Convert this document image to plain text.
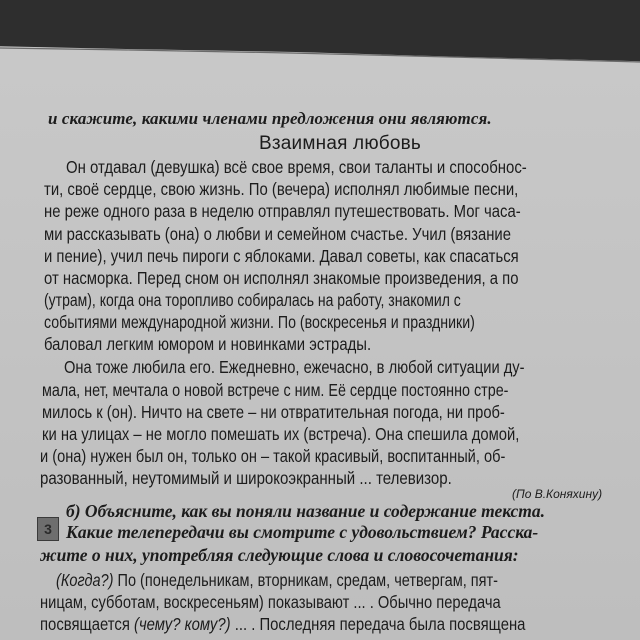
и скажите, какими членами предложения они являются.
Взаимная любовь
Он отдавал (девушка) всё свое время, свои таланты и способнос-
ти, своё сердце, свою жизнь. По (вечера) исполнял любимые песни,
не реже одного раза в неделю отправлял путешествовать. Мог часа-
ми рассказывать (она) о любви и семейном счастье. Учил (вязание
и пение), учил печь пироги с яблоками. Давал советы, как спасаться
от насморка. Перед сном он исполнял знакомые произведения, а по
(утрам), когда она торопливо собиралась на работу, знакомил с
событиями международной жизни. По (воскресенья и праздники)
баловал легким юмором и новинками эстрады.
Она тоже любила его. Ежедневно, ежечасно, в любой ситуации ду-
мала, нет, мечтала о новой встрече с ним. Её сердце постоянно стре-
милось к (он). Ничто на свете – ни отвратительная погода, ни проб-
ки на улицах – не могло помешать их (встреча). Она спешила домой,
и (она) нужен был он, только он – такой красивый, воспитанный, об-
разованный, неутомимый и широкоэкранный ... телевизор.
(По В.Коняхину)
б) Объясните, как вы поняли название и содержание текста.
3 Какие телепередачи вы смотрите с удовольствием? Расска-
жите о них, употребляя следующие слова и словосочетания:
(Когда?) По (понедельникам, вторникам, средам, четвергам, пят-
ницам, субботам, воскресеньям) показывают ... . Обычно передача
посвящается (чему? кому?) ... . Последняя передача была посвящена
